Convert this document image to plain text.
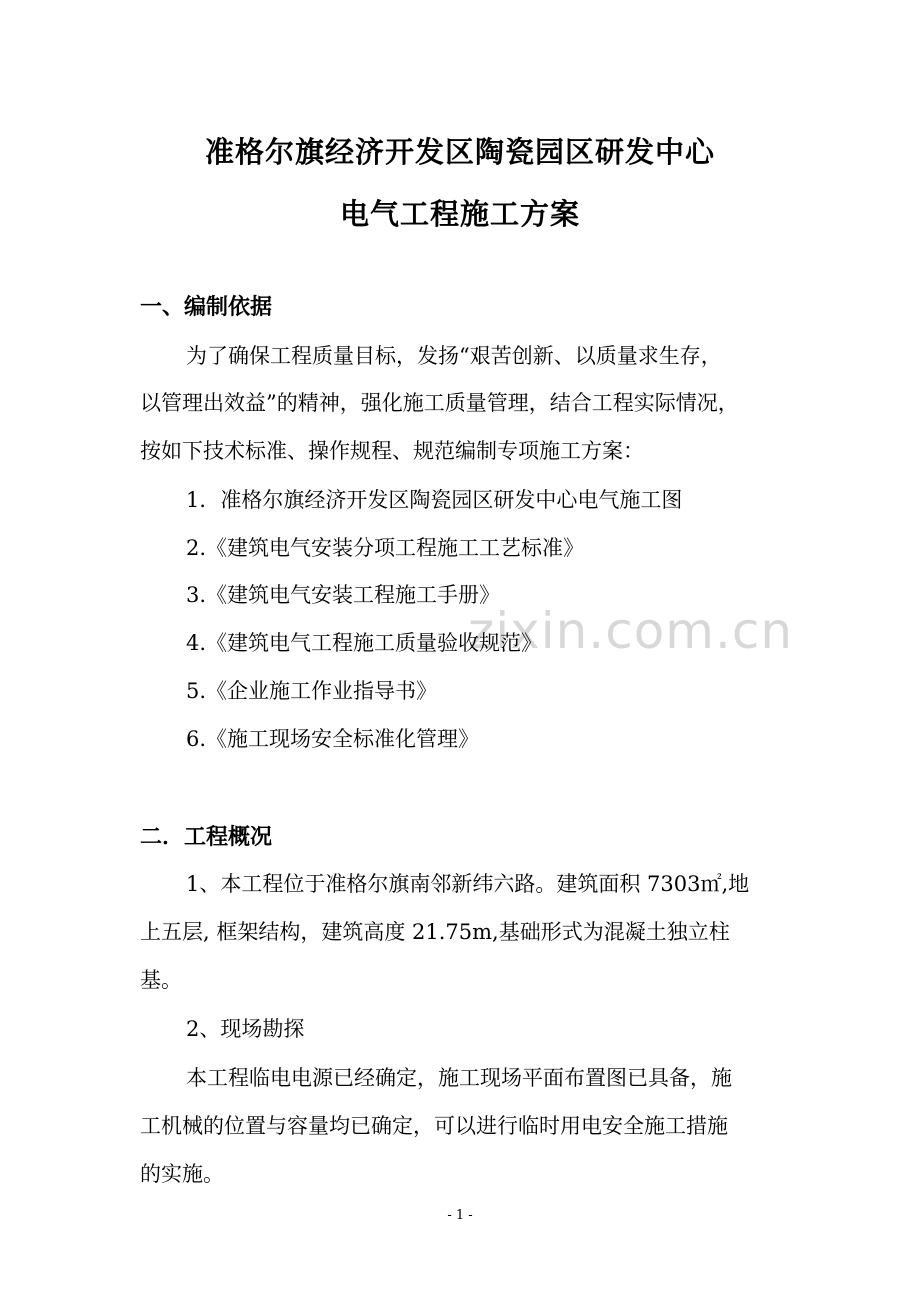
zixin.com.cn
准格尔旗经济开发区陶瓷园区研发中心
电气工程施工方案
一、编制依据
为了确保工程质量目标，发扬“艰苦创新、以质量求生存，
以管理出效益”的精神，强化施工质量管理，结合工程实际情况，
按如下技术标准、操作规程、规范编制专项施工方案：
1．准格尔旗经济开发区陶瓷园区研发中心电气施工图
2.《建筑电气安装分项工程施工工艺标准》
3.《建筑电气安装工程施工手册》
4.《建筑电气工程施工质量验收规范》
5.《企业施工作业指导书》
6.《施工现场安全标准化管理》
二．工程概况
1、本工程位于准格尔旗南邻新纬六路。建筑面积 7303㎡,地
上五层, 框架结构，建筑高度 21.75m,基础形式为混凝土独立柱
基。
2、现场勘探
本工程临电电源已经确定，施工现场平面布置图已具备，施
工机械的位置与容量均已确定，可以进行临时用电安全施工措施
的实施。
- 1 -
